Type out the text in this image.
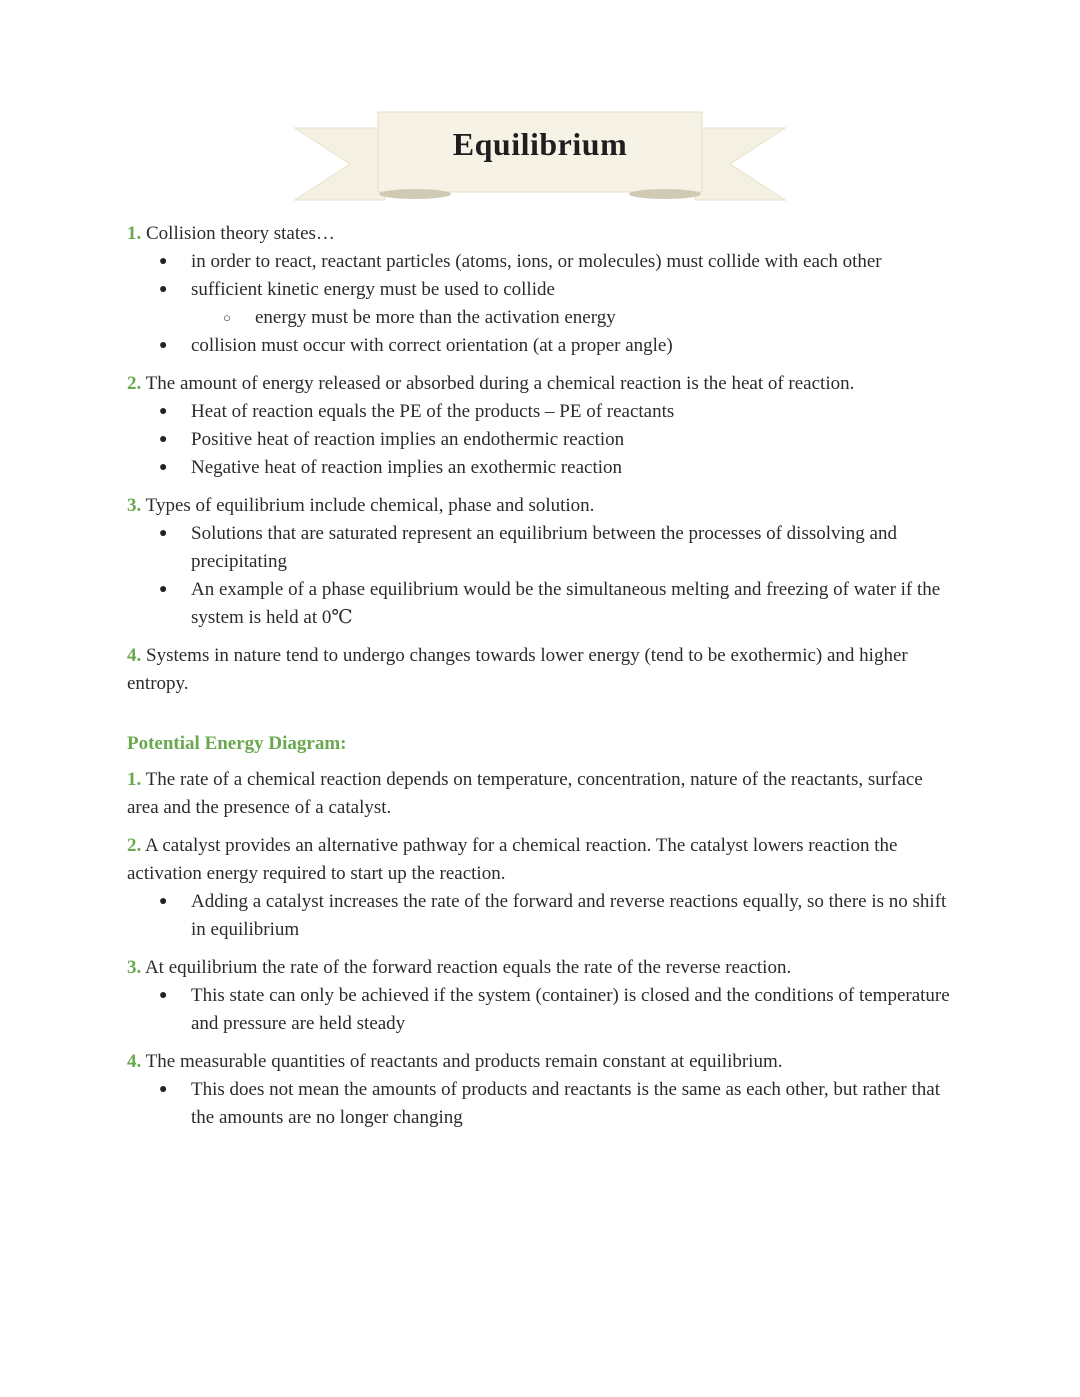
Equilibrium
1. Collision theory states…
● in order to react, reactant particles (atoms, ions, or molecules) must collide with each other
● sufficient kinetic energy must be used to collide
○ energy must be more than the activation energy
● collision must occur with correct orientation (at a proper angle)
2. The amount of energy released or absorbed during a chemical reaction is the heat of reaction.
● Heat of reaction equals the PE of the products – PE of reactants
● Positive heat of reaction implies an endothermic reaction
● Negative heat of reaction implies an exothermic reaction
3. Types of equilibrium include chemical, phase and solution.
● Solutions that are saturated represent an equilibrium between the processes of dissolving and precipitating
● An example of a phase equilibrium would be the simultaneous melting and freezing of water if the system is held at 0℃
4. Systems in nature tend to undergo changes towards lower energy (tend to be exothermic) and higher entropy.
Potential Energy Diagram:
1. The rate of a chemical reaction depends on temperature, concentration, nature of the reactants, surface area and the presence of a catalyst.
2. A catalyst provides an alternative pathway for a chemical reaction. The catalyst lowers reaction the activation energy required to start up the reaction.
● Adding a catalyst increases the rate of the forward and reverse reactions equally, so there is no shift in equilibrium
3. At equilibrium the rate of the forward reaction equals the rate of the reverse reaction.
● This state can only be achieved if the system (container) is closed and the conditions of temperature and pressure are held steady
4. The measurable quantities of reactants and products remain constant at equilibrium.
● This does not mean the amounts of products and reactants is the same as each other, but rather that the amounts are no longer changing
